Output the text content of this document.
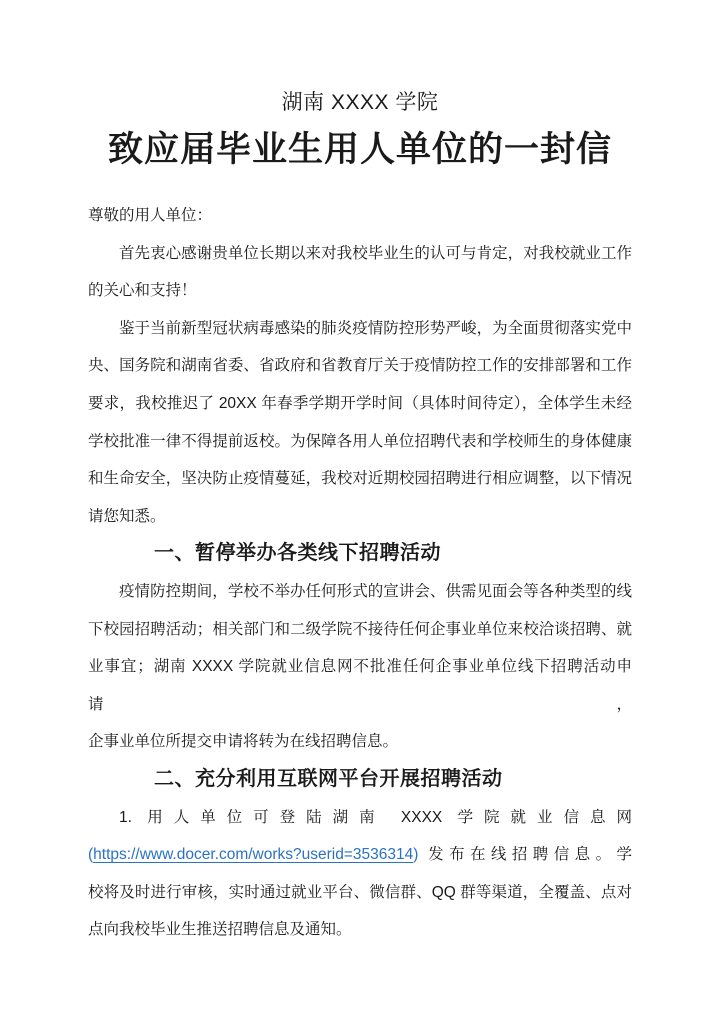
湖南 XXXX 学院
致应届毕业生用人单位的一封信
尊敬的用人单位：
首先衷心感谢贵单位长期以来对我校毕业生的认可与肯定，对我校就业工作
的关心和支持！
鉴于当前新型冠状病毒感染的肺炎疫情防控形势严峻，为全面贯彻落实党中
央、国务院和湖南省委、省政府和省教育厅关于疫情防控工作的安排部署和工作
要求，我校推迟了 20XX 年春季学期开学时间（具体时间待定），全体学生未经
学校批准一律不得提前返校。为保障各用人单位招聘代表和学校师生的身体健康
和生命安全，坚决防止疫情蔓延，我校对近期校园招聘进行相应调整，以下情况
请您知悉。
一、暂停举办各类线下招聘活动
疫情防控期间，学校不举办任何形式的宣讲会、供需见面会等各种类型的线
下校园招聘活动；相关部门和二级学院不接待任何企事业单位来校洽谈招聘、就
业事宜；湖南 XXXX 学院就业信息网不批准任何企事业单位线下招聘活动申请，
企事业单位所提交申请将转为在线招聘信息。
二、充分利用互联网平台开展招聘活动
1. 用人单位可登陆湖南 XXXX 学院就业信息网
(https://www.docer.com/works?userid=3536314) 发布在线招聘信息。学
校将及时进行审核，实时通过就业平台、微信群、QQ 群等渠道，全覆盖、点对
点向我校毕业生推送招聘信息及通知。
